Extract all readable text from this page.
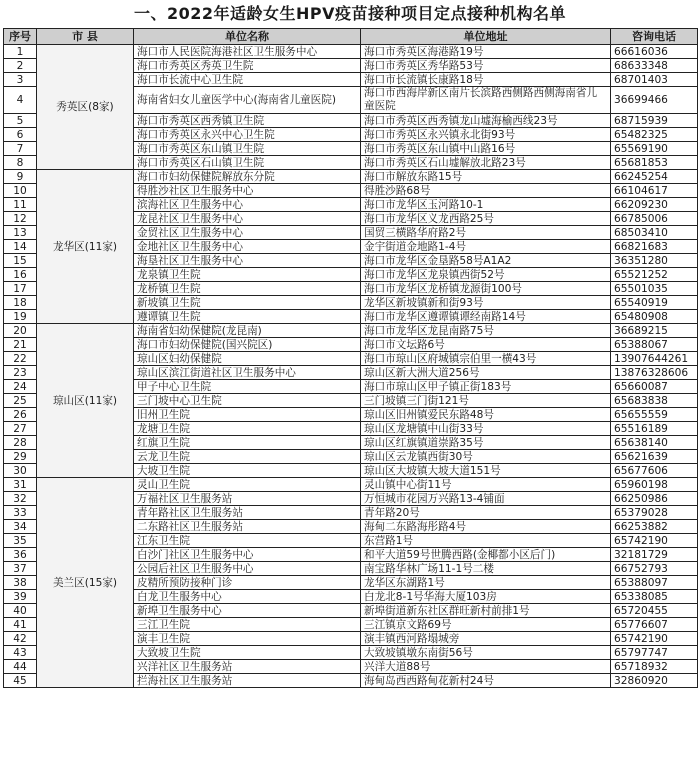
一、2022年适龄女生HPV疫苗接种项目定点接种机构名单
序号	市 县	单位名称	单位地址	咨询电话
1	秀英区(8家)	海口市人民医院海港社区卫生服务中心	海口市秀英区海港路19号	66616036
2		海口市秀英区秀英卫生院	海口市秀英区秀华路53号	68633348
3		海口市长流中心卫生院	海口市长流镇长康路18号	68701403
4		海南省妇女儿童医学中心(海南省儿童医院)	海口市西海岸新区南片长滨路西侧路西侧海南省儿童医院	36699466
5		海口市秀英区西秀镇卫生院	海口市秀英区西秀镇龙山墟海榆西线23号	68715939
6		海口市秀英区永兴中心卫生院	海口市秀英区永兴镇永北街93号	65482325
7		海口市秀英区东山镇卫生院	海口市秀英区东山镇中山路16号	65569190
8		海口市秀英区石山镇卫生院	海口市秀英区石山墟解放北路23号	65681853
9	龙华区(11家)	海口市妇幼保健院解放东分院	海口市解放东路15号	66245254
10		得胜沙社区卫生服务中心	得胜沙路68号	66104617
11		滨海社区卫生服务中心	海口市龙华区玉河路10-1	66209230
12		龙昆社区卫生服务中心	海口市龙华区义龙西路25号	66785006
13		金贸社区卫生服务中心	国贸三横路华府路2号	68503410
14		金地社区卫生服务中心	金宇街道金地路1-4号	66821683
15		海垦社区卫生服务中心	海口市龙华区金垦路58号A1A2	36351280
16		龙泉镇卫生院	海口市龙华区龙泉镇西街52号	65521252
17		龙桥镇卫生院	海口市龙华区龙桥镇龙源街100号	65501035
18		新坡镇卫生院	龙华区新坡镇新和街93号	65540919
19		遵谭镇卫生院	海口市龙华区遵谭镇谭经南路14号	65480908
20	琼山区(11家)	海南省妇幼保健院(龙昆南)	海口市龙华区龙昆南路75号	36689215
21		海口市妇幼保健院(国兴院区)	海口市文坛路6号	65388067
22		琼山区妇幼保健院	海口市琼山区府城镇宗伯里一横43号	13907644261
23		琼山区滨江街道社区卫生服务中心	琼山区新大洲大道256号	13876328606
24		甲子中心卫生院	海口市琼山区甲子镇正街183号	65660087
25		三门坡中心卫生院	三门坡镇三门街121号	65683838
26		旧州卫生院	琼山区旧州镇爱民东路48号	65655559
27		龙塘卫生院	琼山区龙塘镇中山街33号	65516189
28		红旗卫生院	琼山区红旗镇道崇路35号	65638140
29		云龙卫生院	琼山区云龙镇西街30号	65621639
30		大坡卫生院	琼山区大坡镇大坡大道151号	65677606
31	美兰区(15家)	灵山卫生院	灵山镇中心街11号	65960198
32		万福社区卫生服务站	万恒城市花园万兴路13-4铺面	66250986
33		青年路社区卫生服务站	青年路20号	65379028
34		二东路社区卫生服务站	海甸二东路海彤路4号	66253882
35		江东卫生院	东营路1号	65742190
36		白沙门社区卫生服务中心	和平大道59号世腾西路(金椰都小区后门)	32181729
37		公园后社区卫生服务中心	南宝路华林广场11-1号二楼	66752793
38		皮精所预防接种门诊	龙华区东湖路1号	65388097
39		白龙卫生服务中心	白龙北8-1号华海大厦103房	65338085
40		新埠卫生服务中心	新埠街道新东社区群旺新村前排1号	65720455
41		三江卫生院	三江镇京文路69号	65776607
42		演丰卫生院	演丰镇西河路塌城旁	65742190
43		大致坡卫生院	大致坡镇墩东南街56号	65797747
44		兴洋社区卫生服务站	兴洋大道88号	65718932
45		拦海社区卫生服务站	海甸岛西西路甸花新村24号	32860920
